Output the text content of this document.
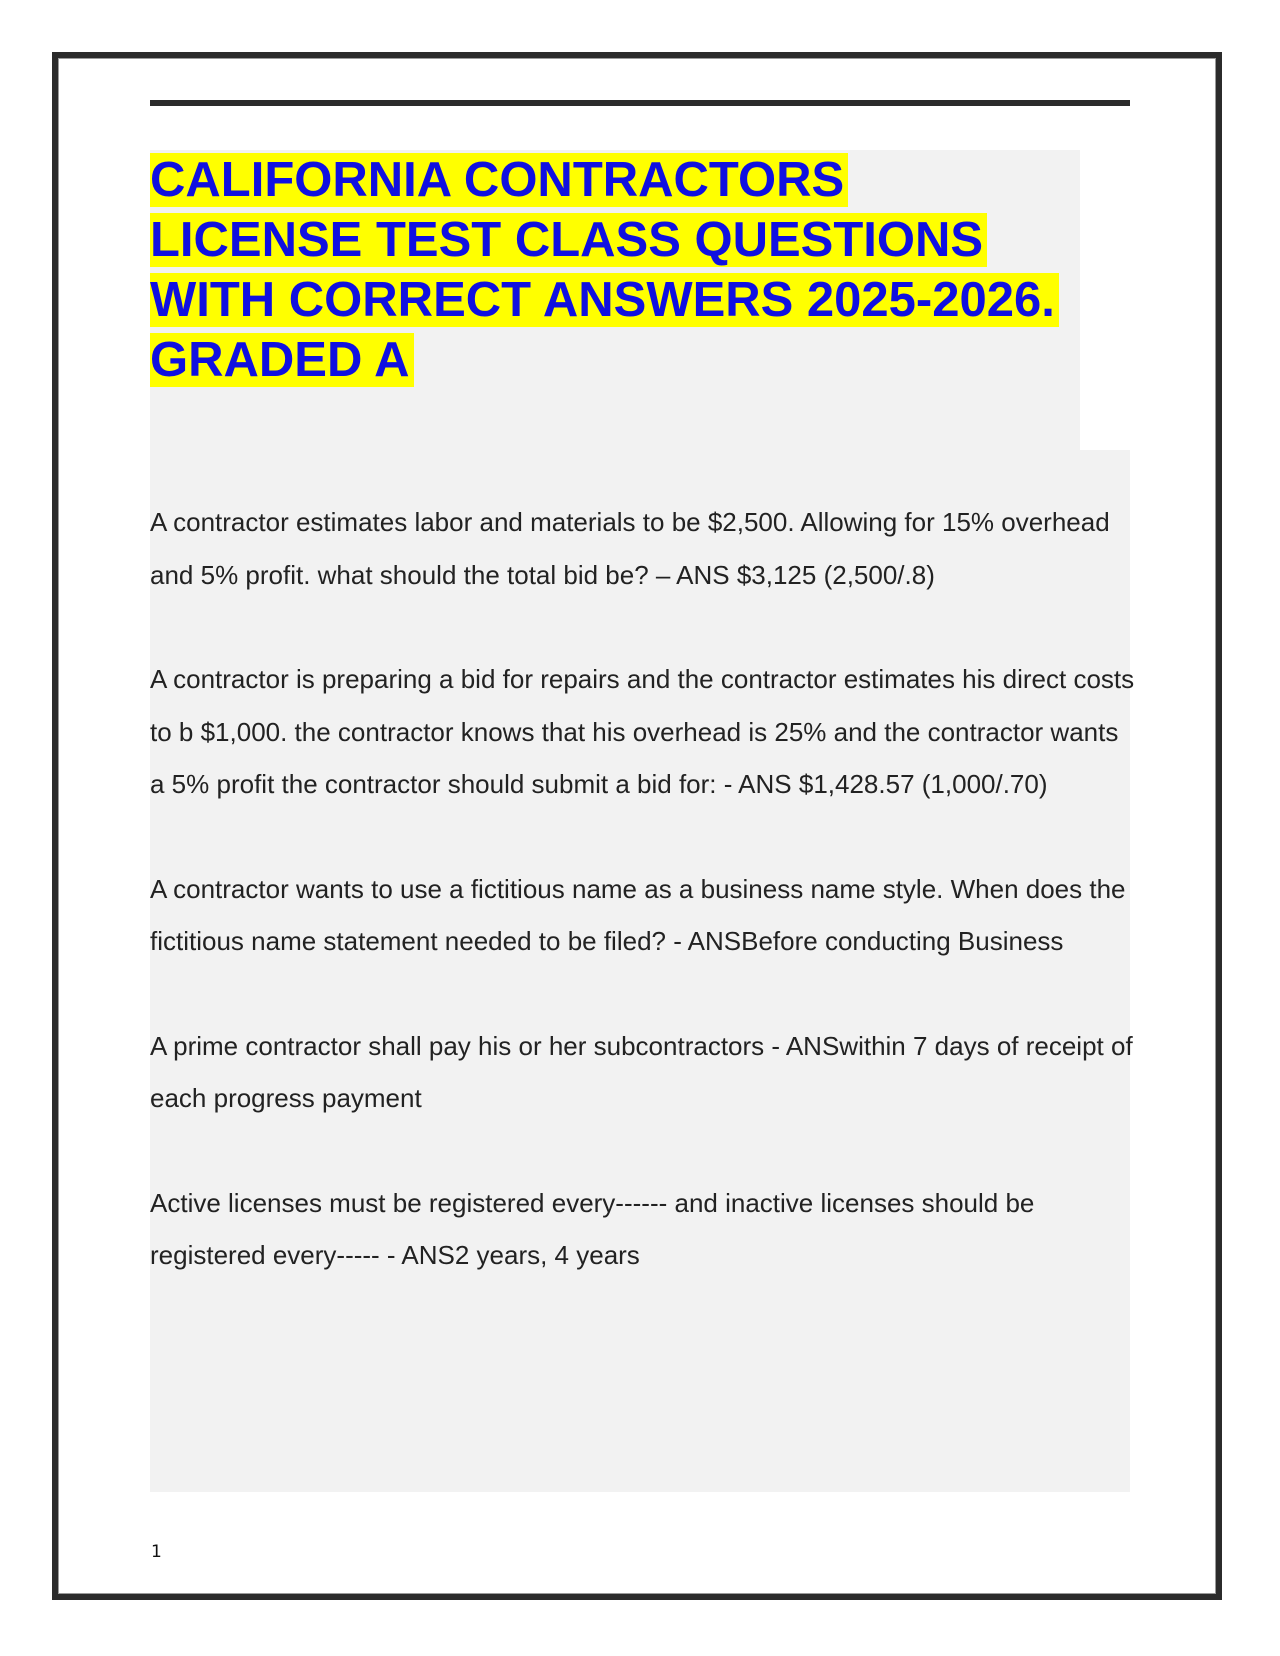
CALIFORNIA CONTRACTORS
LICENSE TEST CLASS QUESTIONS
WITH CORRECT ANSWERS 2025-2026.
GRADED A

A contractor estimates labor and materials to be $2,500. Allowing for 15% overhead and 5% profit. what should the total bid be? – ANS $3,125 (2,500/.8)

A contractor is preparing a bid for repairs and the contractor estimates his direct costs to b $1,000. the contractor knows that his overhead is 25% and the contractor wants a 5% profit the contractor should submit a bid for: - ANS $1,428.57 (1,000/.70)

A contractor wants to use a fictitious name as a business name style. When does the fictitious name statement needed to be filed? - ANSBefore conducting Business

A prime contractor shall pay his or her subcontractors - ANSwithin 7 days of receipt of each progress payment

Active licenses must be registered every------ and inactive licenses should be registered every----- - ANS2 years, 4 years

1
